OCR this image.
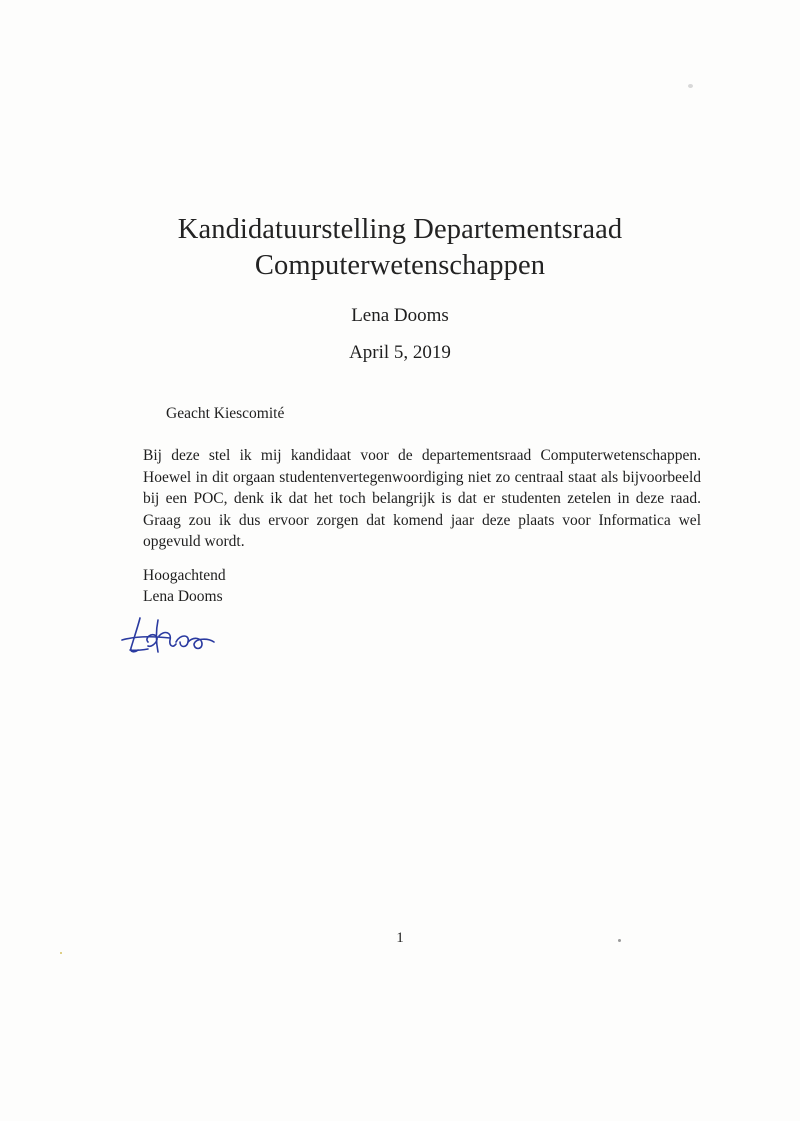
Kandidatuurstelling Departementsraad
Computerwetenschappen
Lena Dooms
April 5, 2019
Geacht Kiescomité

Bij deze stel ik mij kandidaat voor de departementsraad Computerwetenschappen. Hoewel in dit orgaan studentenvertegenwoordiging niet zo centraal staat als bijvoorbeeld bij een POC, denk ik dat het toch belangrijk is dat er studenten zetelen in deze raad. Graag zou ik dus ervoor zorgen dat komend jaar deze plaats voor Informatica wel opgevuld wordt.

Hoogachtend
Lena Dooms
1
